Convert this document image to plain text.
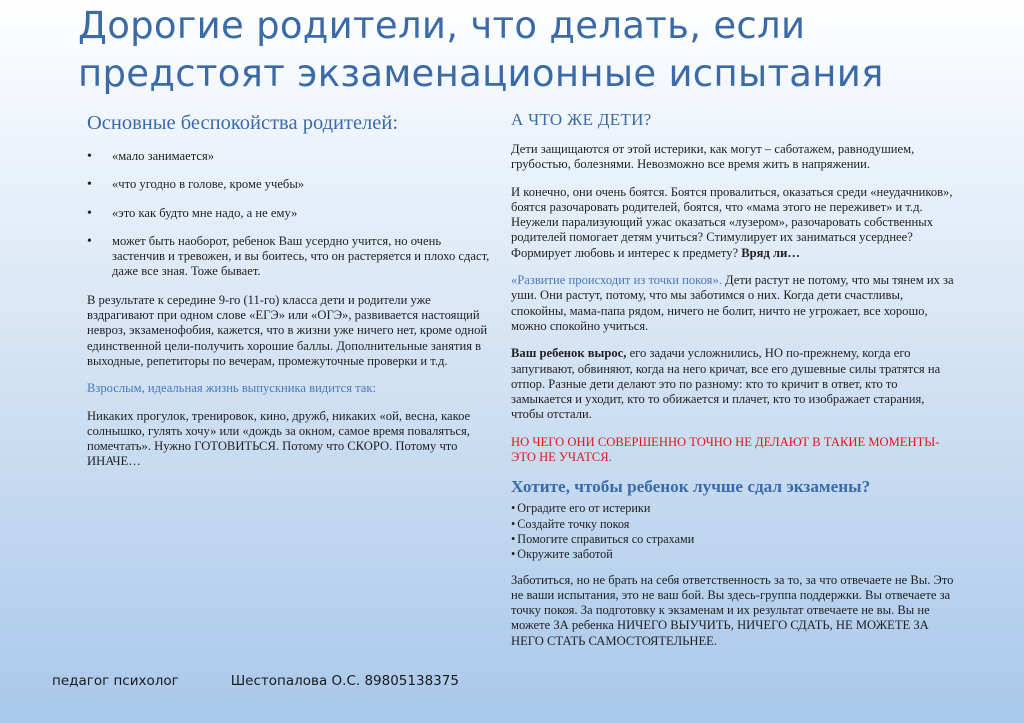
Дорогие родители, что делать, если
предстоят экзаменационные испытания
Основные беспокойства родителей:
• «мало занимается»
• «что угодно в голове, кроме учебы»
• «это как будто мне надо, а не ему»
• может быть наоборот, ребенок Ваш усердно учится, но очень застенчив и тревожен, и вы боитесь, что он растеряется и плохо сдаст, даже все зная. Тоже бывает.

В результате к середине 9-го (11-го) класса дети и родители уже вздрагивают при одном слове «ЕГЭ» или «ОГЭ», развивается настоящий невроз, экзаменофобия, кажется, что в жизни уже ничего нет, кроме одной единственной цели-получить хорошие баллы. Дополнительные занятия в выходные, репетиторы по вечерам, промежуточные проверки и т.д.

Взрослым, идеальная жизнь выпускника видится так:

Никаких прогулок, тренировок, кино, дружб, никаких «ой, весна, какое солнышко, гулять хочу» или «дождь за окном, самое время поваляться, помечтать». Нужно ГОТОВИТЬСЯ. Потому что СКОРО. Потому что ИНАЧЕ…

А ЧТО ЖЕ ДЕТИ?

Дети защищаются от этой истерики, как могут – саботажем, равнодушием, грубостью, болезнями. Невозможно все время жить в напряжении.

И конечно, они очень боятся. Боятся провалиться, оказаться среди «неудачников», боятся разочаровать родителей, боятся, что «мама этого не переживет» и т.д. Неужели парализующий ужас оказаться «лузером», разочаровать собственных родителей помогает детям учиться? Стимулирует их заниматься усерднее? Формирует любовь и интерес к предмету? Вряд ли…

«Развитие происходит из точки покоя». Дети растут не потому, что мы тянем их за уши. Они растут, потому, что мы заботимся о них. Когда дети счастливы, спокойны, мама-папа рядом, ничего не болит, ничто не угрожает, все хорошо, можно спокойно учиться.

Ваш ребенок вырос, его задачи усложнились, НО по-прежнему, когда его запугивают, обвиняют, когда на него кричат, все его душевные силы тратятся на отпор. Разные дети делают это по разному: кто то кричит в ответ, кто то замыкается и уходит, кто то обижается и плачет, кто то изображает старания, чтобы отстали.

НО ЧЕГО ОНИ СОВЕРШЕННО ТОЧНО НЕ ДЕЛАЮТ В ТАКИЕ МОМЕНТЫ- ЭТО НЕ УЧАТСЯ.

Хотите, чтобы ребенок лучше сдал экзамены?
• Оградите его от истерики
• Создайте точку покоя
• Помогите справиться со страхами
• Окружите заботой

Заботиться, но не брать на себя ответственность за то, за что отвечаете не Вы. Это не ваши испытания, это не ваш бой. Вы здесь-группа поддержки. Вы отвечаете за точку покоя. За подготовку к экзаменам и их результат отвечаете не вы. Вы не можете ЗА ребенка НИЧЕГО ВЫУЧИТЬ, НИЧЕГО СДАТЬ, НЕ МОЖЕТЕ ЗА НЕГО СТАТЬ САМОСТОЯТЕЛЬНЕЕ.

педагог психолог	Шестопалова О.С. 89805138375
